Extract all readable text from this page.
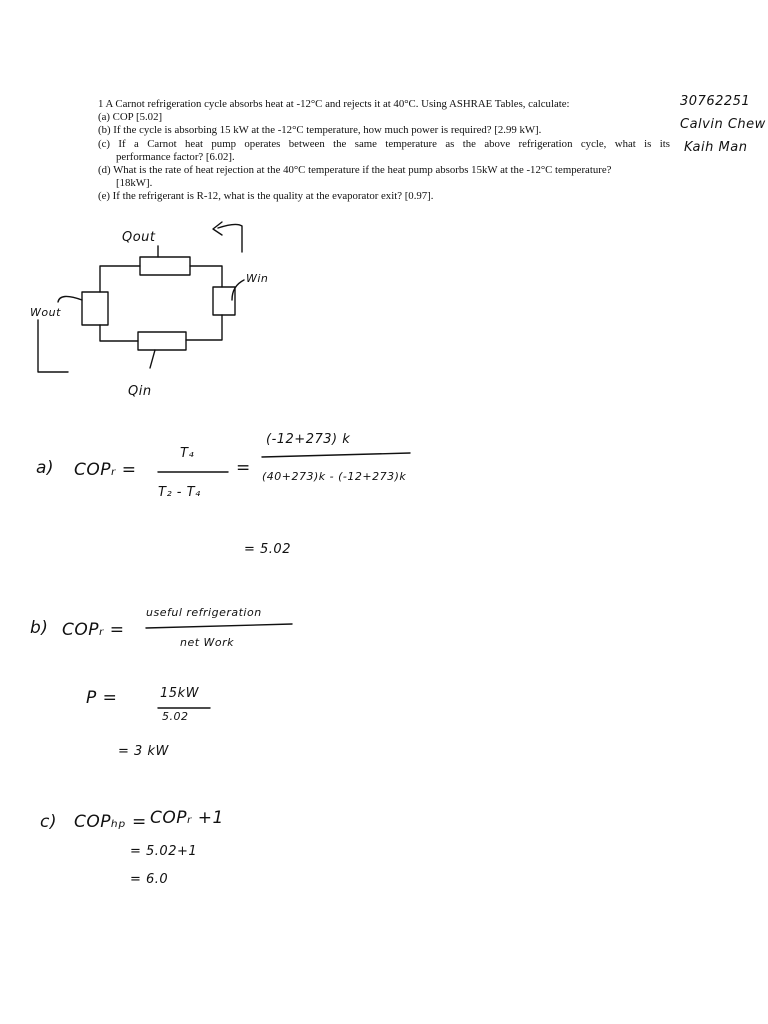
1 A Carnot refrigeration cycle absorbs heat at -12°C and rejects it at 40°C. Using ASHRAE Tables, calculate:

(a) COP [5.02]

(b) If the cycle is absorbing 15 kW at the -12°C temperature, how much power is required? [2.99 kW].

(c) If a Carnot heat pump operates between the same temperature as the above refrigeration cycle, what is its

performance factor? [6.02].

(d) What is the rate of heat rejection at the 40°C temperature if the heat pump absorbs 15kW at the -12°C temperature?

[18kW].

(e) If the refrigerant is R-12, what is the quality at the evaporator exit? [0.97].

30762251
Calvin Chew
Kaih Man
Qout
Win
Wout
Qin
a) COPᵣ =
T₄
T₂ - T₄
=
(-12+273) k
(40+273)k - (-12+273)k
= 5.02
b) COPᵣ =
useful refrigeration
net Work
P =	15kW
5.02
= 3 kW
c) COPₕₚ = COPᵣ +1
= 5.02+1
= 6.0
